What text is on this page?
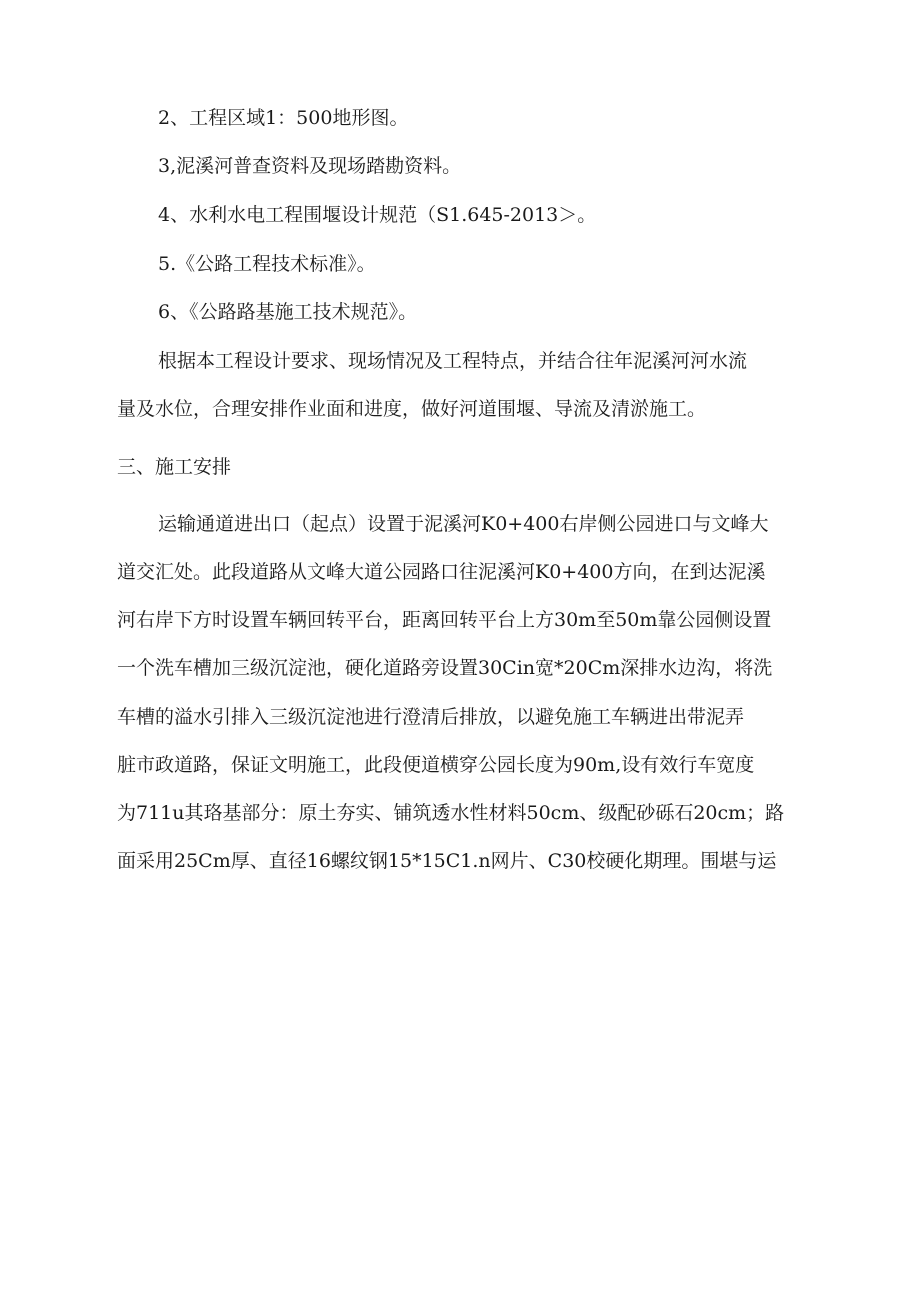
2、工程区域1：500地形图。
3,泥溪河普查资料及现场踏勘资料。
4、水利水电工程围堰设计规范（S1.645-2013＞。
5.《公路工程技术标准》。
6、《公路路基施工技术规范》。
根据本工程设计要求、现场情况及工程特点，并结合往年泥溪河河水流
量及水位，合理安排作业面和进度，做好河道围堰、导流及清淤施工。
三、施工安排
运输通道进出口（起点）设置于泥溪河K0+400右岸侧公园进口与文峰大
道交汇处。此段道路从文峰大道公园路口往泥溪河K0+400方向，在到达泥溪
河右岸下方时设置车辆回转平台，距离回转平台上方30m至50m靠公园侧设置
一个洗车槽加三级沉淀池，硬化道路旁设置30Cin宽*20Cm深排水边沟，将洗
车槽的溢水引排入三级沉淀池进行澄清后排放，以避免施工车辆进出带泥弄
脏市政道路，保证文明施工，此段便道横穿公园长度为90m,设有效行车宽度
为711u其珞基部分：原土夯实、铺筑透水性材料50cm、级配砂砾石20cm；路
面采用25Cm厚、直径16螺纹钢15*15C1.n网片、C30校硬化期理。围堪与运
